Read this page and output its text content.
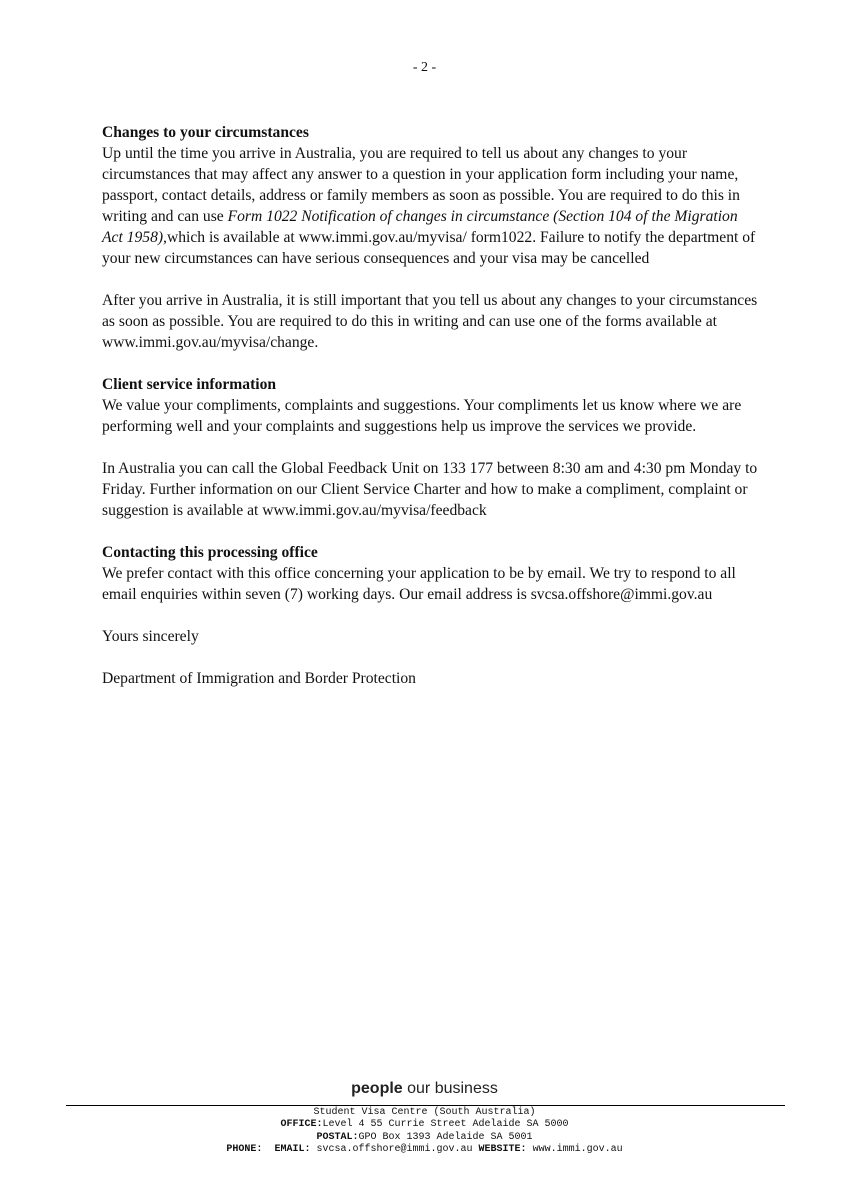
- 2 -

Changes to your circumstances

Up until the time you arrive in Australia, you are required to tell us about any changes to your circumstances that may affect any answer to a question in your application form including your name, passport, contact details, address or family members as soon as possible. You are required to do this in writing and can use Form 1022 Notification of changes in circumstance (Section 104 of the Migration Act 1958),which is available at www.immi.gov.au/myvisa/ form1022. Failure to notify the department of your new circumstances can have serious consequences and your visa may be cancelled

After you arrive in Australia, it is still important that you tell us about any changes to your circumstances as soon as possible. You are required to do this in writing and can use one of the forms available at www.immi.gov.au/myvisa/change.

Client service information

We value your compliments, complaints and suggestions. Your compliments let us know where we are performing well and your complaints and suggestions help us improve the services we provide.

In Australia you can call the Global Feedback Unit on 133 177 between 8:30 am and 4:30 pm Monday to Friday. Further information on our Client Service Charter and how to make a compliment, complaint or suggestion is available at www.immi.gov.au/myvisa/feedback

Contacting this processing office

We prefer contact with this office concerning your application to be by email. We try to respond to all email enquiries within seven (7) working days. Our email address is svcsa.offshore@immi.gov.au

Yours sincerely

Department of Immigration and Border Protection

people our business
Student Visa Centre (South Australia)
OFFICE:Level 4 55 Currie Street Adelaide SA 5000
POSTAL:GPO Box 1393 Adelaide SA 5001
PHONE: EMAIL: svcsa.offshore@immi.gov.au WEBSITE: www.immi.gov.au
